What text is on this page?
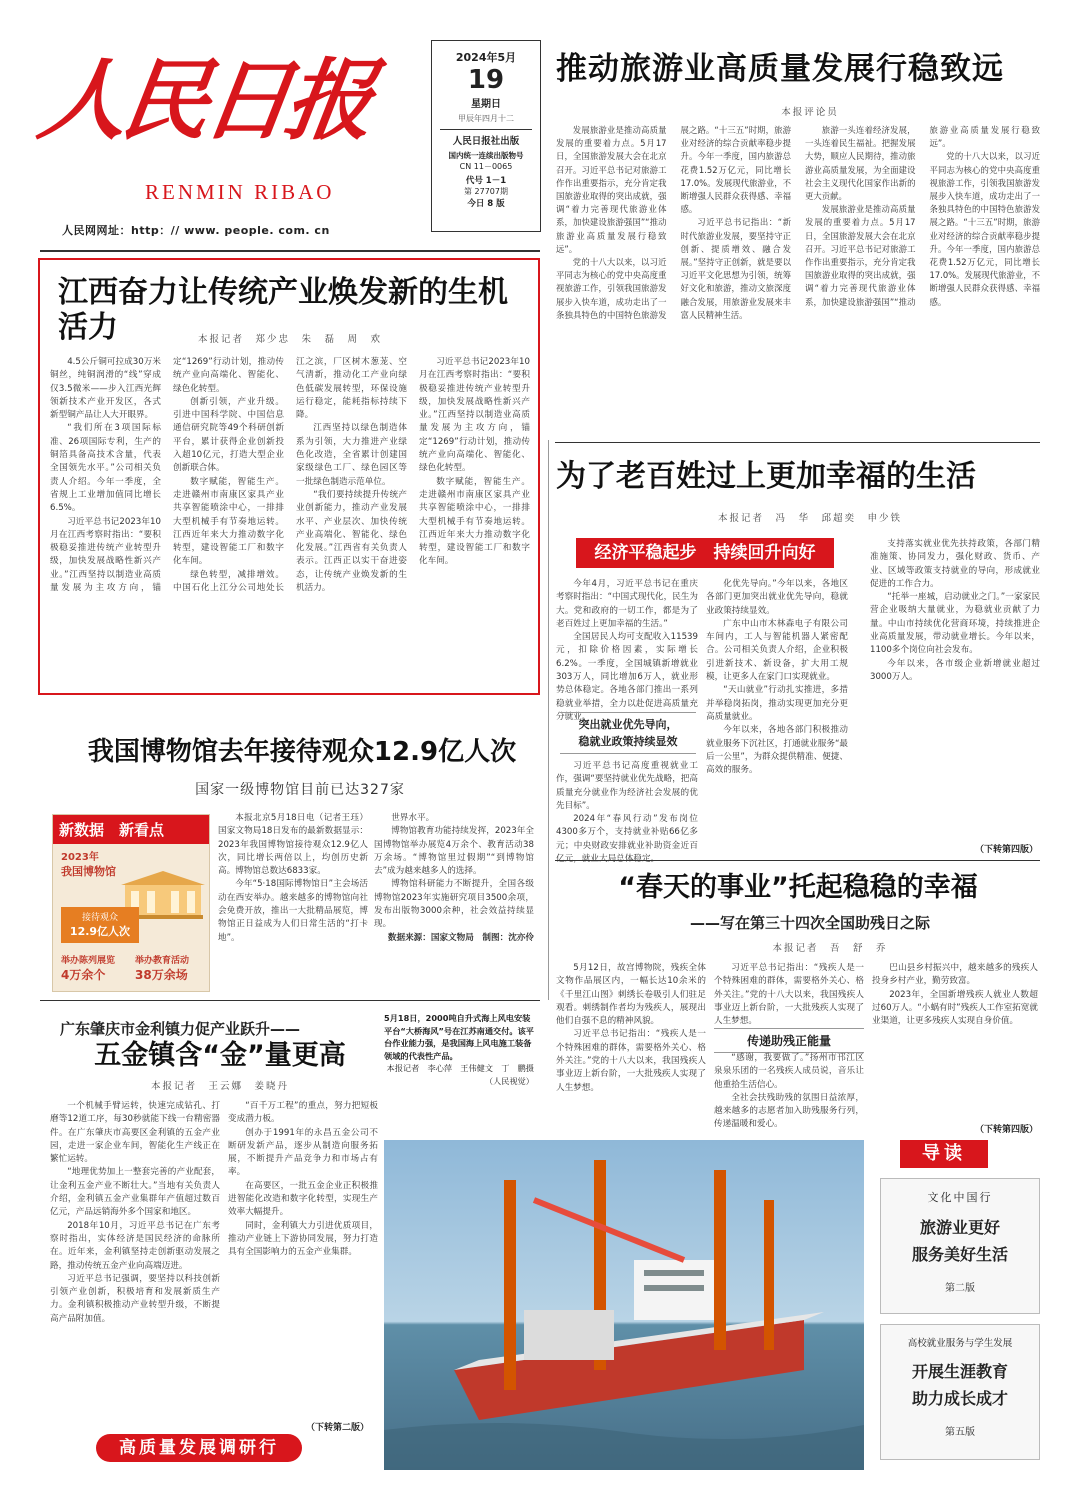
人民日报
RENMIN RIBAO
人民网网址：http：// www. people. com. cn
2024年5月
19
星期日
甲辰年四月十二
人民日报社出版
国内统一连续出版物号
CN 11－0065
代号 1－1
第 27707期
今日 8 版
推动旅游业高质量发展行稳致远
本报评论员

发展旅游业是推动高质量发展的重要着力点。5月17日，全国旅游发展大会在北京召开。习近平总书记对旅游工作作出重要指示，充分肯定我国旅游业取得的突出成就，强调“着力完善现代旅游业体系，加快建设旅游强国”“推动旅游业高质量发展行稳致远”。

党的十八大以来，以习近平同志为核心的党中央高度重视旅游工作，引领我国旅游发展步入快车道，成功走出了一条独具特色的中国特色旅游发展之路。“十三五”时期，旅游业对经济的综合贡献率稳步提升。今年一季度，国内旅游总花费1.52万亿元，同比增长17.0%。发展现代旅游业，不断增强人民群众获得感、幸福感。

习近平总书记指出：“新时代旅游业发展，要坚持守正创新、提质增效、融合发展。”坚持守正创新，就是要以习近平文化思想为引领，统筹好文化和旅游，推动文旅深度融合发展，用旅游业发展来丰富人民精神生活。

旅游一头连着经济发展，一头连着民生福祉。把握发展大势，顺应人民期待，推动旅游业高质量发展，为全面建设社会主义现代化国家作出新的更大贡献。

发展旅游业是推动高质量发展的重要着力点。5月17日，全国旅游发展大会在北京召开。习近平总书记对旅游工作作出重要指示，充分肯定我国旅游业取得的突出成就，强调“着力完善现代旅游业体系，加快建设旅游强国”“推动旅游业高质量发展行稳致远”。

党的十八大以来，以习近平同志为核心的党中央高度重视旅游工作，引领我国旅游发展步入快车道，成功走出了一条独具特色的中国特色旅游发展之路。“十三五”时期，旅游业对经济的综合贡献率稳步提升。今年一季度，国内旅游总花费1.52万亿元，同比增长17.0%。发展现代旅游业，不断增强人民群众获得感、幸福感。

江西奋力让传统产业焕发新的生机活力	本报记者　郑少忠　朱　磊　周　欢

4.5公斤铜可拉成30万米铜丝，纯铜润滑的“线”穿成仅3.5微米——步入江西光辉领新技术产业开发区，各式新型铜产品让人大开眼界。

“我们所在3项国际标准、26项国际专利，生产的铜箔具备高技术含量，代表全国领先水平。”公司相关负责人介绍。今年一季度，全省规上工业增加值同比增长6.5%。

习近平总书记2023年10月在江西考察时指出：“要积极稳妥推进传统产业转型升级，加快发展战略性新兴产业。”江西坚持以制造业高质量发展为主攻方向，锚定“1269”行动计划，推动传统产业向高端化、智能化、绿色化转型。

创新引领，产业升级。引进中国科学院、中国信息通信研究院等49个科研创新平台，累计获得企业创新投入超10亿元，打造大型企业创新联合体。

数字赋能，智能生产。走进赣州市南康区家具产业共享智能喷涂中心，一排排大型机械手有节奏地运转。江西近年来大力推动数字化转型，建设智能工厂和数字化车间。

绿色转型，减排增效。中国石化上江分公司地处长江之滨，厂区树木葱茏、空气清新，推动化工产业向绿色低碳发展转型，环保设施运行稳定，能耗指标持续下降。

江西坚持以绿色制造体系为引领，大力推进产业绿色化改造，全省累计创建国家级绿色工厂、绿色园区等一批绿色制造示范单位。

“我们要持续提升传统产业创新能力，推动产业发展水平、产业层次、加快传统产业高端化、智能化、绿色化发展。”江西省有关负责人表示。江西正以实干奋进姿态，让传统产业焕发新的生机活力。

习近平总书记2023年10月在江西考察时指出：“要积极稳妥推进传统产业转型升级，加快发展战略性新兴产业。”江西坚持以制造业高质量发展为主攻方向，锚定“1269”行动计划，推动传统产业向高端化、智能化、绿色化转型。

数字赋能，智能生产。走进赣州市南康区家具产业共享智能喷涂中心，一排排大型机械手有节奏地运转。江西近年来大力推动数字化转型，建设智能工厂和数字化车间。

为了老百姓过上更加幸福的生活
本报记者　冯　华　邱超奕　申少铁
经济平稳起步　持续回升向好

今年4月，习近平总书记在重庆考察时指出：“中国式现代化，民生为大。党和政府的一切工作，都是为了老百姓过上更加幸福的生活。”

全国居民人均可支配收入11539元，扣除价格因素，实际增长6.2%。一季度，全国城镇新增就业303万人，同比增加6万人，就业形势总体稳定。各地各部门推出一系列稳就业举措，全力以赴促进高质量充分就业。

突出就业优先导向，
稳就业政策持续显效

习近平总书记高度重视就业工作，强调“要坚持就业优先战略，把高质量充分就业作为经济社会发展的优先目标”。

2024年“春风行动”发布岗位4300多万个，支持就业补贴66亿多元；中央财政安排就业补助资金近百

化优先导向。”今年以来，各地区各部门更加突出就业优先导向，稳就业政策持续显效。

广东中山市木林森电子有限公司车间内，工人与智能机器人紧密配合。公司相关负责人介绍，企业积极引进新技术、新设备，扩大用工规模，让更多人在家门口实现就业。

“天山就业”行动扎实推进，多措并举稳岗拓岗，推动实现更加充分更高质量就业。

今年以来，各地各部门积极推动就业服务下沉社区，打通就业服务“最后一公里”，为群众提供精准、便捷、高效的服务。

支持落实就业优先扶持政策，各部门精准施策、协同发力，强化财政、货币、产业、区域等政策支持就业的导向，形成就业促进的工作合力。

“托举一座城，启动就业之门。”一家家民营企业吸纳大量就业，为稳就业贡献了力量。中山市持续优化营商环境，持续推进企业高质量发展，带动就业增长。今年以来，1100多个岗位向社会发布。

今年以来，各市级企业新增就业超过3000万人。

（下转第四版）
我国博物馆去年接待观众12.9亿人次
国家一级博物馆目前已达327家
新数据　新看点
2023年
我国博物馆
接待观众
12.9亿人次
举办陈列展览
4万余个
举办教育活动
38万余场

本报北京5月18日电（记者王珏）国家文物局18日发布的最新数据显示：2023年我国博物馆接待观众12.9亿人次，同比增长两倍以上，均创历史新高。博物馆总数达6833家。

今年“5·18国际博物馆日”主会场活动在西安举办。越来越多的博物馆向社会免费开放，推出一大批精品展览，博物馆正日益成为人们日常生活的“打卡地”。

世界水平。

博物馆教育功能持续发挥，2023年全国博物馆举办展览4万余个、教育活动38万余场。“博物馆里过假期”“到博物馆去”成为越来越多人的选择。

博物馆科研能力不断提升，全国各级博物馆2023年实施研究项目3500余项，发布出版物3000余种，社会效益持续显现。

数据来源：国家文物局　制图：沈亦伶

“春天的事业”托起稳稳的幸福
——写在第三十四次全国助残日之际
本报记者　吾　舒　乔

5月12日，故宫博物院，残疾全体文物作品展区内，一幅长达10余米的《千里江山图》刺绣长卷吸引人们驻足观看。刺绣制作者均为残疾人，展现出他们自强不息的精神风貌。

习近平总书记指出：“残疾人是一个特殊困难的群体，需要格外关心、格外关注。”党的十八大以来，我国残疾人事业迈上新台阶，一大批残疾人实现了人生梦想。

习近平总书记指出：“残疾人是一个特殊困难的群体，需要格外关心、格外关注。”党的十八大以来，我国残疾人事业迈上新台阶，一大批残疾人实现了人生梦想。

传递助残正能量

“感谢，我要做了。”扬州市邗江区泉泉乐团的一名残疾人成员说，音乐让他重拾生活信心。

全社会扶残助残的氛围日益浓厚，越来越多的志愿者加入助残服务行列，传递温暖和爱心。

巴山县乡村振兴中，越来越多的残疾人投身乡村产业，勤劳致富。

2023年，全国新增残疾人就业人数超过60万人。“小蜗有时”残疾人工作室拓宽就业渠道，让更多残疾人实现自身价值。

（下转第四版）
广东肇庆市金利镇力促产业跃升——
五金镇含“金”量更高
本报记者　王云娜　姜晓丹

一个机械手臂运转，快速完成钻孔、打磨等12道工序，每30秒就能下线一台精密器件。在广东肇庆市高要区金利镇的五金产业园，走进一家企业车间，智能化生产线正在繁忙运转。

“地理优势加上一整套完善的产业配套，让金利五金产业不断壮大。”当地有关负责人介绍，金利镇五金产业集群年产值超过数百亿元，产品远销海外多个国家和地区。

2018年10月，习近平总书记在广东考察时指出，实体经济是国民经济的命脉所在。近年来，金利镇坚持走创新驱动发展之路，推动传统五金产业向高端迈进。

习近平总书记强调，要坚持以科技创新引领产业创新，积极培育和发展新质生产力。金利镇积极推动产业转型升级，不断提高产品附加值。

“百千万工程”的重点，努力把短板变成潜力板。

创办于1991年的永昌五金公司不断研发新产品，逐步从制造向服务拓展，不断提升产品竞争力和市场占有率。

在高要区，一批五金企业正积极推进智能化改造和数字化转型，实现生产效率大幅提升。

同时，金利镇大力引进优质项目，推动产业链上下游协同发展，努力打造具有全国影响力的五金产业集群。

（下转第二版）
高质量发展调研行
5月18日，2000吨自升式海上风电安装平台“大桥海风”号在江苏南通交付。该平台作业能力强，是我国海上风电施工装备领域的代表性产品。
本报记者　李心萍　王伟健文　丁　鹏摄（人民视觉）
导读
文化中国行
旅游业更好
服务美好生活
第二版
高校就业服务与学生发展
开展生涯教育
助力成长成才
第五版
